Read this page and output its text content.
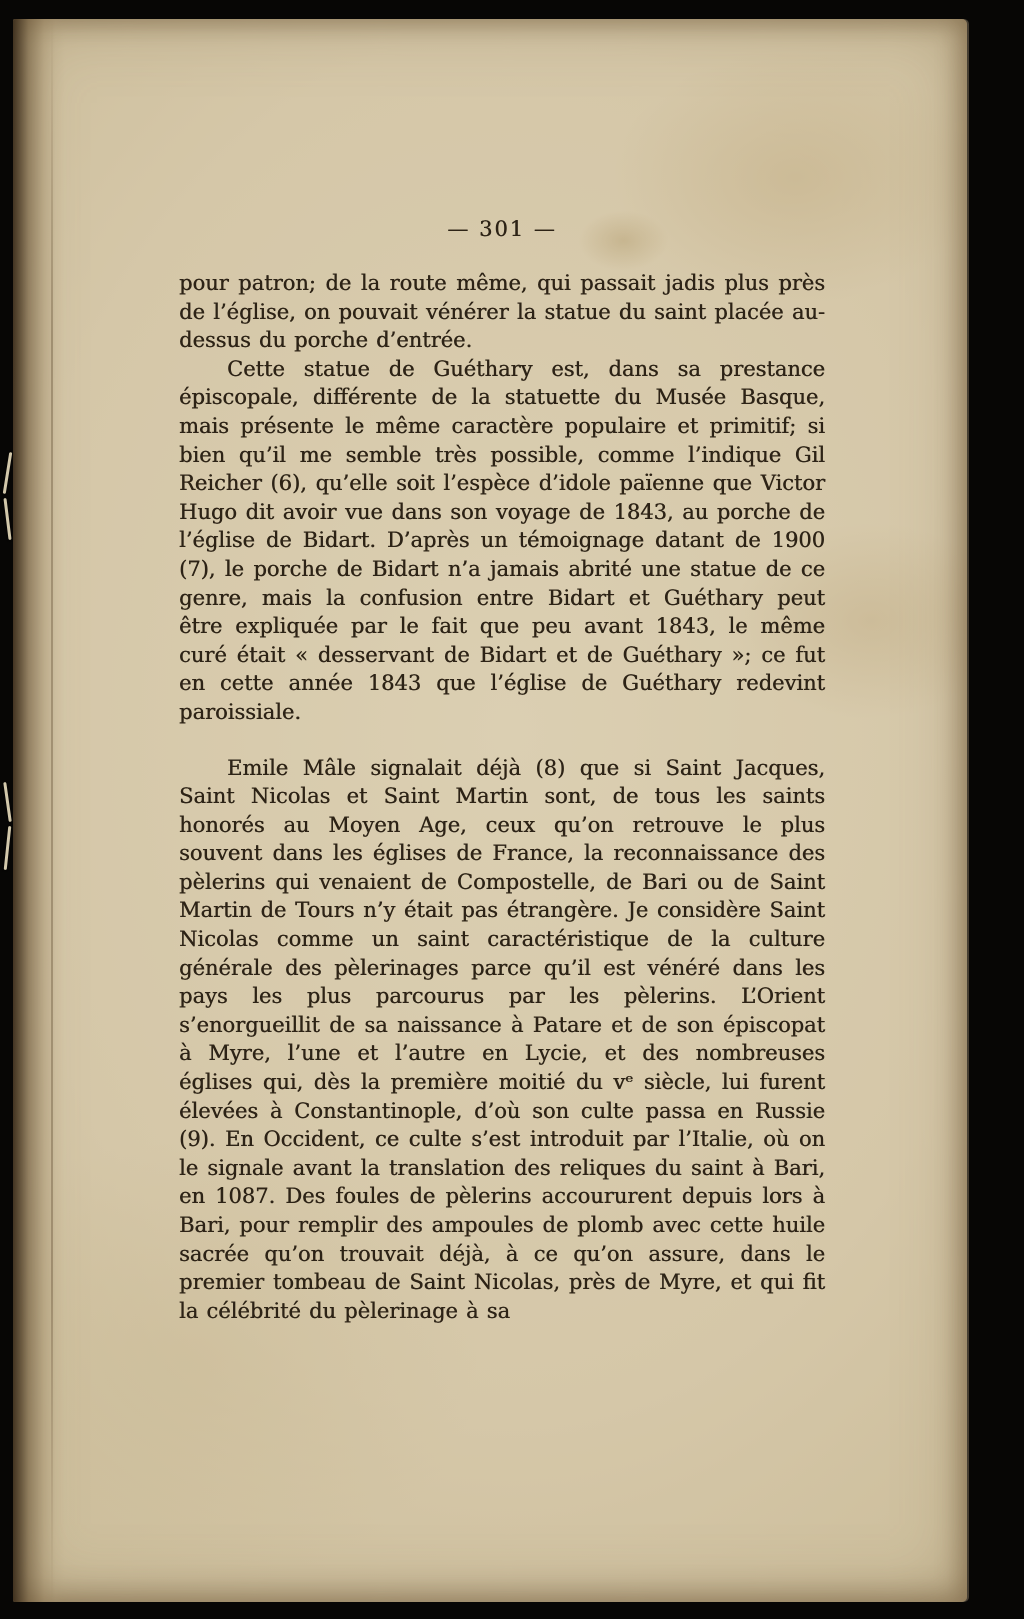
— 301 —

pour patron; de la route même, qui passait jadis plus près de l’église, on pouvait vénérer la statue du saint placée au-dessus du porche d’entrée.

Cette statue de Guéthary est, dans sa prestance épiscopale, différente de la statuette du Musée Basque, mais présente le même caractère populaire et primitif; si bien qu’il me semble très possible, comme l’indique Gil Reicher (6), qu’elle soit l’espèce d’idole païenne que Victor Hugo dit avoir vue dans son voyage de 1843, au porche de l’église de Bidart. D’après un témoignage datant de 1900 (7), le porche de Bidart n’a jamais abrité une statue de ce genre, mais la confusion entre Bidart et Guéthary peut être expliquée par le fait que peu avant 1843, le même curé était « desservant de Bidart et de Guéthary »; ce fut en cette année 1843 que l’église de Guéthary redevint paroissiale.

Emile Mâle signalait déjà (8) que si Saint Jacques, Saint Nicolas et Saint Martin sont, de tous les saints honorés au Moyen Age, ceux qu’on retrouve le plus souvent dans les églises de France, la reconnaissance des pèlerins qui venaient de Compostelle, de Bari ou de Saint Martin de Tours n’y était pas étrangère. Je considère Saint Nicolas comme un saint caractéristique de la culture générale des pèlerinages parce qu’il est vénéré dans les pays les plus parcourus par les pèlerins. L’Orient s’enorgueillit de sa naissance à Patare et de son épiscopat à Myre, l’une et l’autre en Lycie, et des nombreuses églises qui, dès la première moitié du vᵉ siècle, lui furent élevées à Constantinople, d’où son culte passa en Russie (9). En Occident, ce culte s’est introduit par l’Italie, où on le signale avant la translation des reliques du saint à Bari, en 1087. Des foules de pèlerins accoururent depuis lors à Bari, pour remplir des ampoules de plomb avec cette huile sacrée qu’on trouvait déjà, à ce qu’on assure, dans le premier tombeau de Saint Nicolas, près de Myre, et qui fit la célébrité du pèlerinage à sa
